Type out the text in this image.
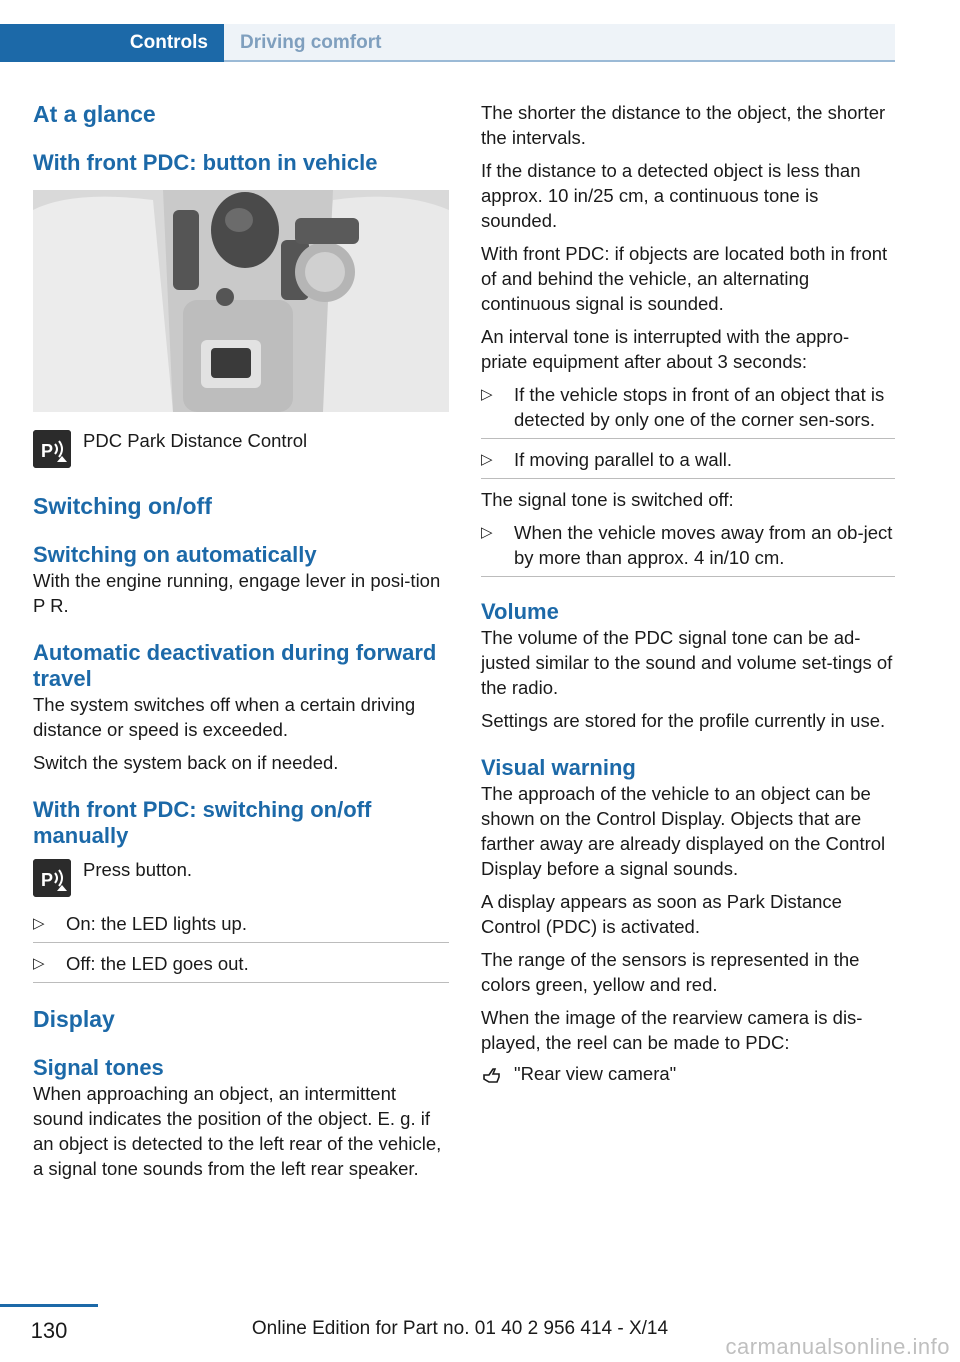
Controls	Driving comfort
At a glance
With front PDC: button in vehicle
P PDC Park Distance Control
Switching on/off
Switching on automatically

With the engine running, engage lever in posi‐tion P R.

Automatic deactivation during forward travel

The system switches off when a certain driving distance or speed is exceeded.

Switch the system back on if needed.

With front PDC: switching on/off manually
P Press button.
▷ On: the LED lights up.
▷ Off: the LED goes out.
Display
Signal tones

When approaching an object, an intermittent sound indicates the position of the object. E. g. if an object is detected to the left rear of the vehicle, a signal tone sounds from the left rear speaker.

The shorter the distance to the object, the shorter the intervals.

If the distance to a detected object is less than approx. 10 in/25 cm, a continuous tone is sounded.

With front PDC: if objects are located both in front of and behind the vehicle, an alternating continuous signal is sounded.

An interval tone is interrupted with the appro‐priate equipment after about 3 seconds:

▷ If the vehicle stops in front of an object that is detected by only one of the corner sen‐sors.
▷ If moving parallel to a wall.

The signal tone is switched off:

▷ When the vehicle moves away from an ob‐ject by more than approx. 4 in/10 cm.
Volume

The volume of the PDC signal tone can be ad‐justed similar to the sound and volume set‐tings of the radio.

Settings are stored for the profile currently in use.

Visual warning

The approach of the vehicle to an object can be shown on the Control Display. Objects that are farther away are already displayed on the Control Display before a signal sounds.

A display appears as soon as Park Distance Control (PDC) is activated.

The range of the sensors is represented in the colors green, yellow and red.

When the image of the rearview camera is dis‐played, the reel can be made to PDC:

"Rear view camera"
130	Online Edition for Part no. 01 40 2 956 414 - X/14
carmanualsonline.info
